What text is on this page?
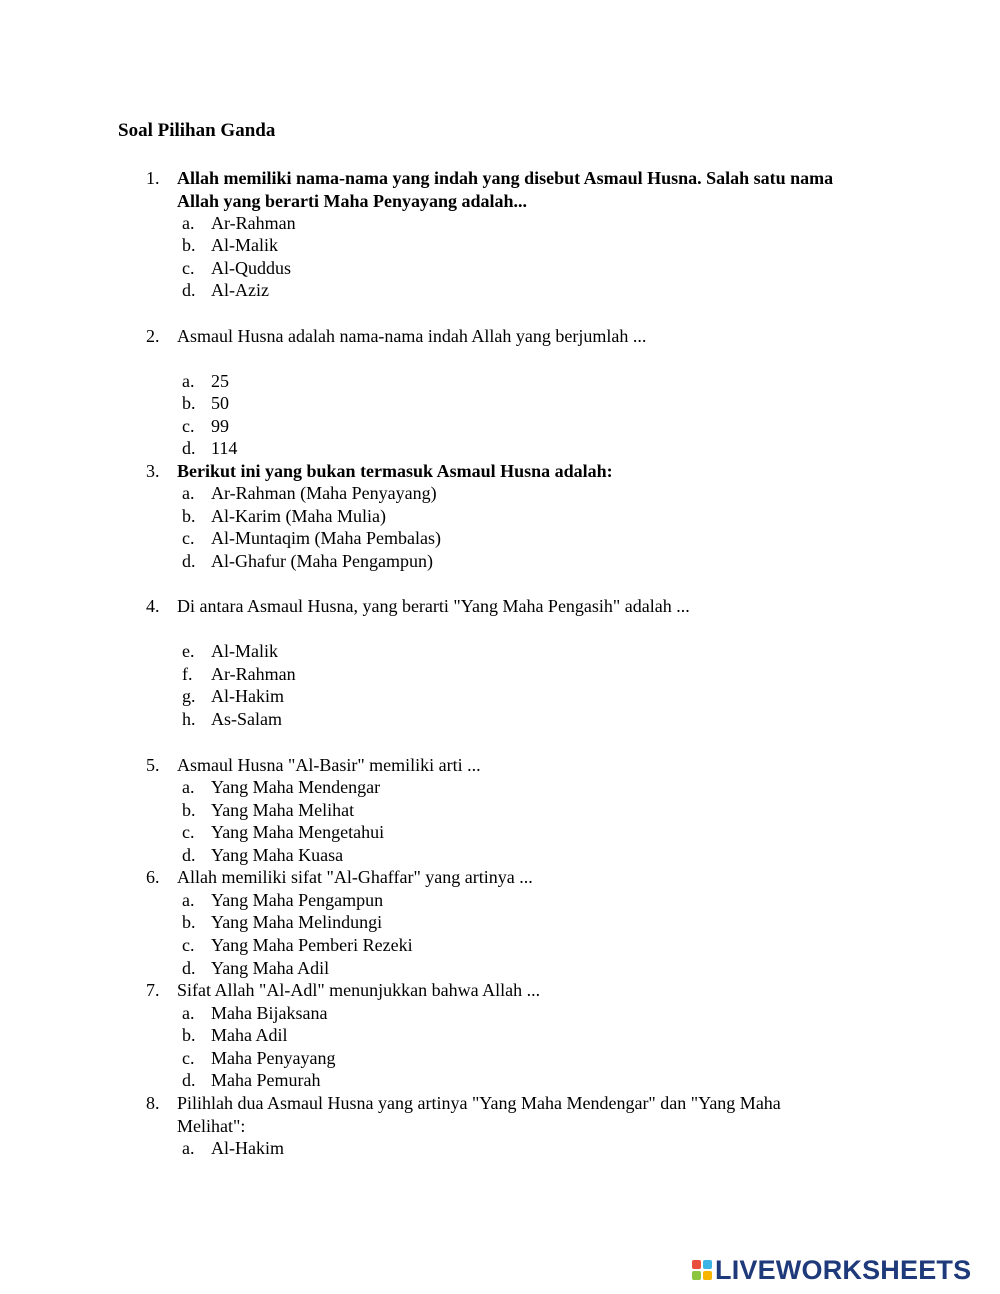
Soal Pilihan Ganda
1. Allah memiliki nama-nama yang indah yang disebut Asmaul Husna. Salah satu nama Allah yang berarti Maha Penyayang adalah...
a. Ar-Rahman
b. Al-Malik
c. Al-Quddus
d. Al-Aziz
2. Asmaul Husna adalah nama-nama indah Allah yang berjumlah ...
a. 25
b. 50
c. 99
d. 114
3. Berikut ini yang bukan termasuk Asmaul Husna adalah:
a. Ar-Rahman (Maha Penyayang)
b. Al-Karim (Maha Mulia)
c. Al-Muntaqim (Maha Pembalas)
d. Al-Ghafur (Maha Pengampun)
4. Di antara Asmaul Husna, yang berarti "Yang Maha Pengasih" adalah ...
e. Al-Malik
f. Ar-Rahman
g. Al-Hakim
h. As-Salam
5. Asmaul Husna "Al-Basir" memiliki arti ...
a. Yang Maha Mendengar
b. Yang Maha Melihat
c. Yang Maha Mengetahui
d. Yang Maha Kuasa
6. Allah memiliki sifat "Al-Ghaffar" yang artinya ...
a. Yang Maha Pengampun
b. Yang Maha Melindungi
c. Yang Maha Pemberi Rezeki
d. Yang Maha Adil
7. Sifat Allah "Al-Adl" menunjukkan bahwa Allah ...
a. Maha Bijaksana
b. Maha Adil
c. Maha Penyayang
d. Maha Pemurah
8. Pilihlah dua Asmaul Husna yang artinya "Yang Maha Mendengar" dan "Yang Maha Melihat":
a. Al-Hakim
LIVEWORKSHEETS
